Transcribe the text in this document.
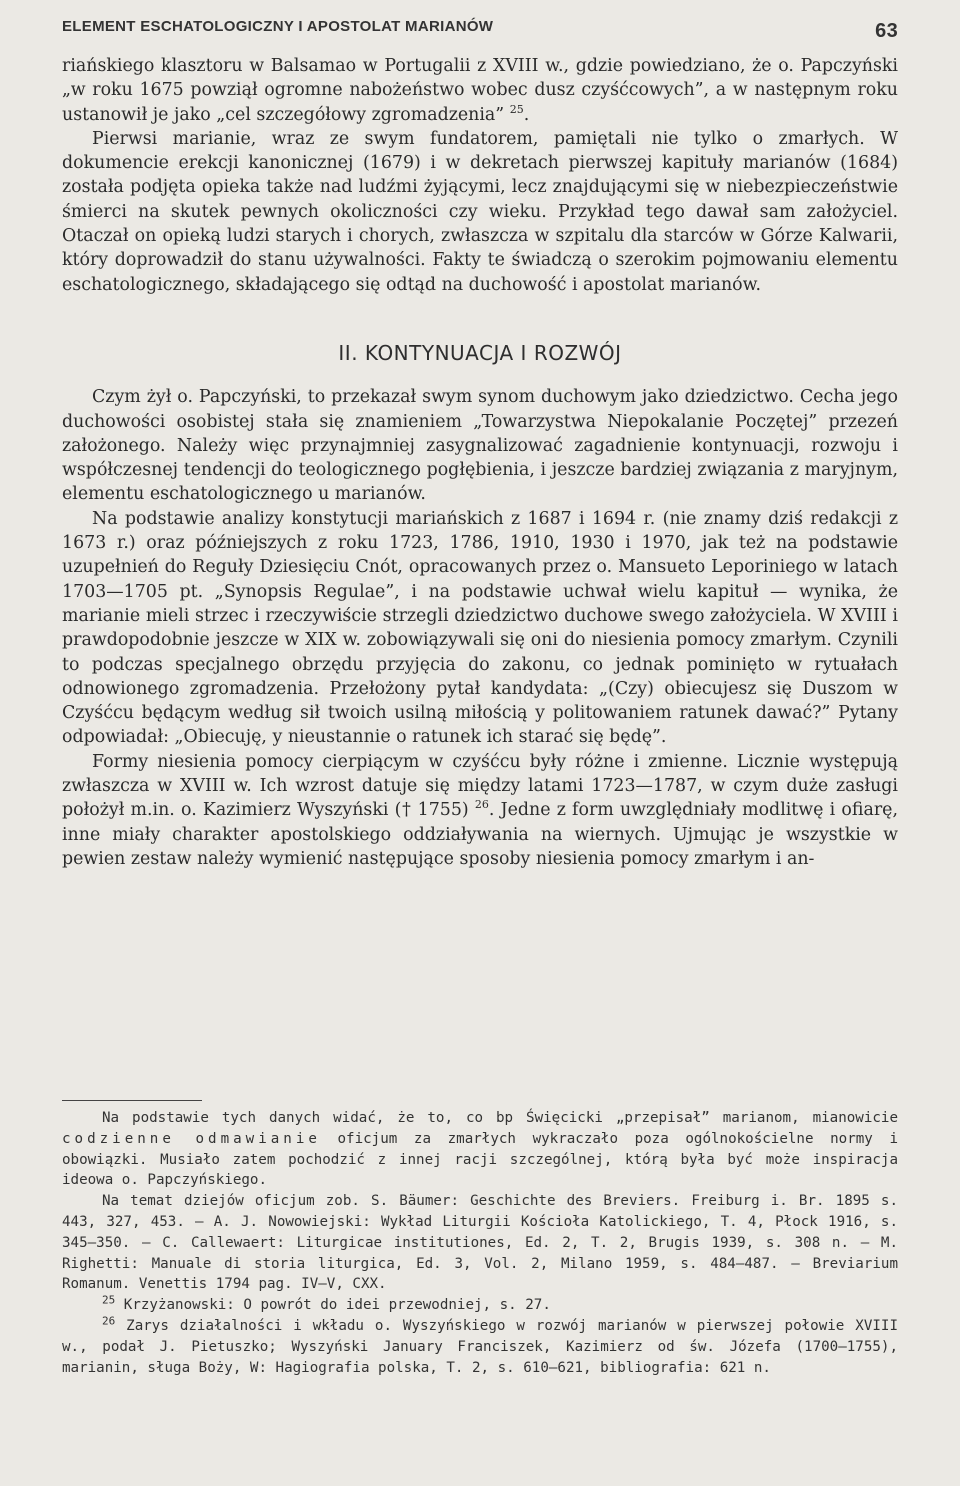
ELEMENT ESCHATOLOGICZNY I APOSTOLAT MARIANÓW	63

riańskiego klasztoru w Balsamao w Portugalii z XVIII w., gdzie powiedziano, że o. Papczyński „w roku 1675 powziął ogromne nabożeństwo wobec dusz czyśćcowych”, a w następnym roku ustanowił je jako „cel szczegółowy zgromadzenia” $^{25}$.

Pierwsi marianie, wraz ze swym fundatorem, pamiętali nie tylko o zmarłych. W dokumencie erekcji kanonicznej (1679) i w dekretach pierwszej kapituły marianów (1684) została podjęta opieka także nad ludźmi żyjącymi, lecz znajdującymi się w niebezpieczeństwie śmierci na skutek pewnych okoliczności czy wieku. Przykład tego dawał sam założyciel. Otaczał on opieką ludzi starych i chorych, zwłaszcza w szpitalu dla starców w Górze Kalwarii, który doprowadził do stanu używalności. Fakty te świadczą o szerokim pojmowaniu elementu eschatologicznego, składającego się odtąd na duchowość i apostolat marianów.

II. KONTYNUACJA I ROZWÓJ

Czym żył o. Papczyński, to przekazał swym synom duchowym jako dziedzictwo. Cecha jego duchowości osobistej stała się znamieniem „Towarzystwa Niepokalanie Poczętej” przezeń założonego. Należy więc przynajmniej zasygnalizować zagadnienie kontynuacji, rozwoju i współczesnej tendencji do teologicznego pogłębienia, i jeszcze bardziej związania z maryjnym, elementu eschatologicznego u marianów.

Na podstawie analizy konstytucji mariańskich z 1687 i 1694 r. (nie znamy dziś redakcji z 1673 r.) oraz późniejszych z roku 1723, 1786, 1910, 1930 i 1970, jak też na podstawie uzupełnień do Reguły Dziesięciu Cnót, opracowanych przez o. Mansueto Leporiniego w latach 1703—1705 pt. „Synopsis Regulae”, i na podstawie uchwał wielu kapituł — wynika, że marianie mieli strzec i rzeczywiście strzegli dziedzictwo duchowe swego założyciela. W XVIII i prawdopodobnie jeszcze w XIX w. zobowiązywali się oni do niesienia pomocy zmarłym. Czynili to podczas specjalnego obrzędu przyjęcia do zakonu, co jednak pominięto w rytuałach odnowionego zgromadzenia. Przełożony pytał kandydata: „(Czy) obiecujesz się Duszom w Czyśćcu będącym według sił twoich usilną miłością y politowaniem ratunek dawać?” Pytany odpowiadał: „Obiecuję, y nieustannie o ratunek ich starać się będę”.

Formy niesienia pomocy cierpiącym w czyśćcu były różne i zmienne. Licznie występują zwłaszcza w XVIII w. Ich wzrost datuje się między latami 1723—1787, w czym duże zasługi położył m.in. o. Kazimierz Wyszyński († 1755) $^{26}$. Jedne z form uwzględniały modlitwę i ofiarę, inne miały charakter apostolskiego oddziaływania na wiernych. Ujmując je wszystkie w pewien zestaw należy wymienić następujące sposoby niesienia pomocy zmarłym i an-

Na podstawie tych danych widać, że to, co bp Święcicki „przepisał” marianom, mianowicie codzienne odmawianie oficjum za zmarłych wykraczało poza ogólnokościelne normy i obowiązki. Musiało zatem pochodzić z innej racji szczególnej, którą była być może inspiracja ideowa o. Papczyńskiego.

Na temat dziejów oficjum zob. S. Bäumer: Geschichte des Breviers. Freiburg i. Br. 1895 s. 443, 327, 453. — A. J. Nowowiejski: Wykład Liturgii Kościoła Katolickiego, T. 4, Płock 1916, s. 345—350. — C. Callewaert: Liturgicae institutiones, Ed. 2, T. 2, Brugis 1939, s. 308 n. — M. Righetti: Manuale di storia liturgica, Ed. 3, Vol. 2, Milano 1959, s. 484—487. — Breviarium Romanum. Venettis 1794 pag. IV—V, CXX.

$^{25}$ Krzyżanowski: O powrót do idei przewodniej, s. 27.

$^{26}$ Zarys działalności i wkładu o. Wyszyńskiego w rozwój marianów w pierwszej połowie XVIII w., podał J. Pietuszko; Wyszyński January Franciszek, Kazimierz od św. Józefa (1700—1755), marianin, sługa Boży, W: Hagiografia polska, T. 2, s. 610—621, bibliografia: 621 n.
